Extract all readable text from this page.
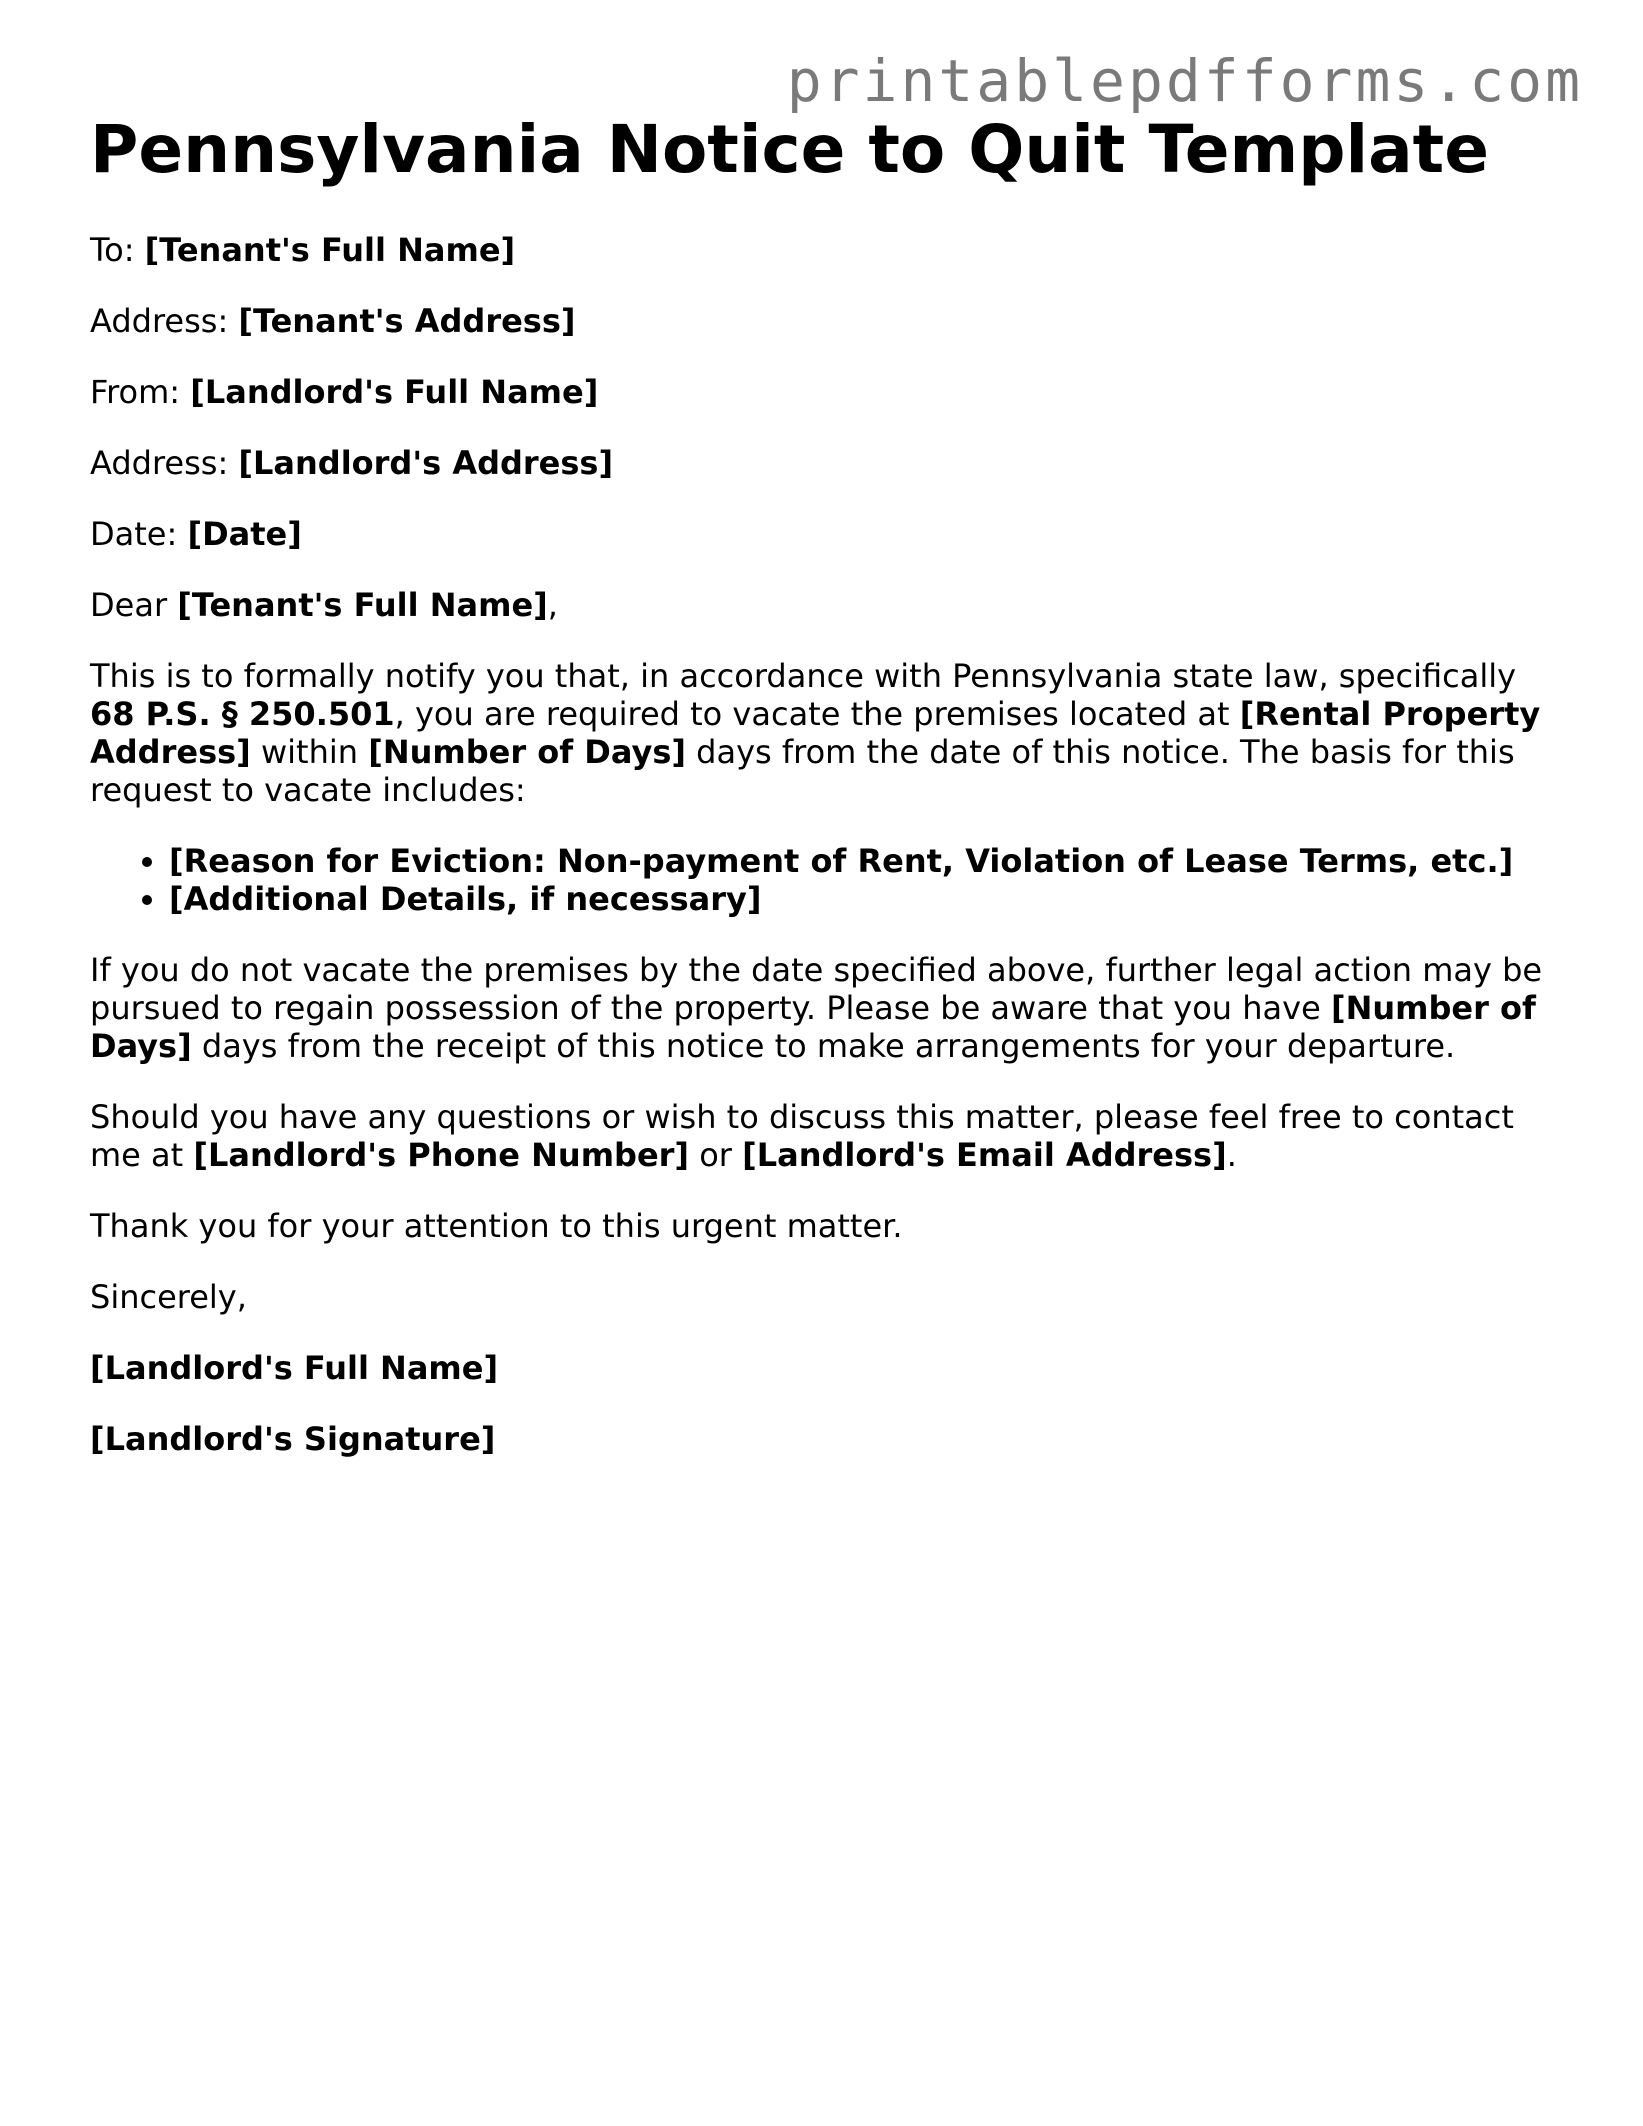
printablepdfforms.com
Pennsylvania Notice to Quit Template

To: [Tenant's Full Name]

Address: [Tenant's Address]

From: [Landlord's Full Name]

Address: [Landlord's Address]

Date: [Date]

Dear [Tenant's Full Name],

This is to formally notify you that, in accordance with Pennsylvania state law, specifically 68 P.S. § 250.501, you are required to vacate the premises located at [Rental Property Address] within [Number of Days] days from the date of this notice. The basis for this request to vacate includes:

• [Reason for Eviction: Non-payment of Rent, Violation of Lease Terms, etc.]
• [Additional Details, if necessary]

If you do not vacate the premises by the date specified above, further legal action may be pursued to regain possession of the property. Please be aware that you have [Number of Days] days from the receipt of this notice to make arrangements for your departure.

Should you have any questions or wish to discuss this matter, please feel free to contact me at [Landlord's Phone Number] or [Landlord's Email Address].

Thank you for your attention to this urgent matter.

Sincerely,

[Landlord's Full Name]

[Landlord's Signature]
